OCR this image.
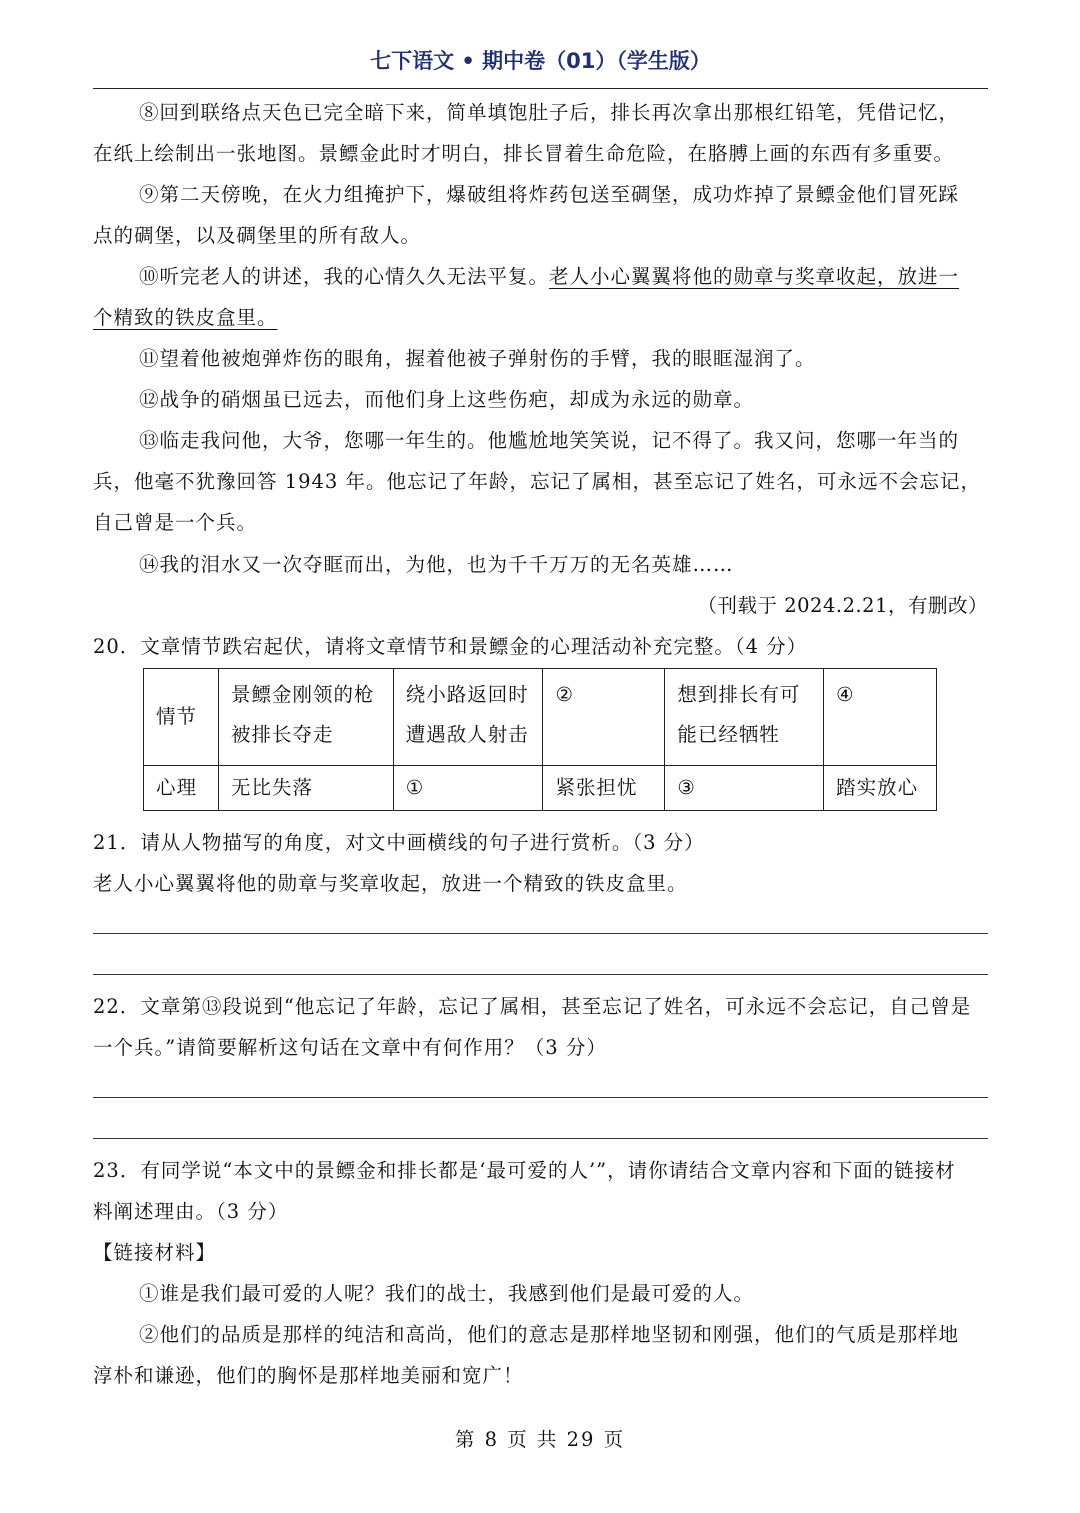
七下语文 • 期中卷（01）（学生版）

⑧回到联络点天色已完全暗下来，简单填饱肚子后，排长再次拿出那根红铅笔，凭借记忆，

在纸上绘制出一张地图。景鳔金此时才明白，排长冒着生命危险，在胳膊上画的东西有多重要。

⑨第二天傍晚，在火力组掩护下，爆破组将炸药包送至碉堡，成功炸掉了景鳔金他们冒死踩

点的碉堡，以及碉堡里的所有敌人。

⑩听完老人的讲述，我的心情久久无法平复。老人小心翼翼将他的勋章与奖章收起，放进一

个精致的铁皮盒里。

⑪望着他被炮弹炸伤的眼角，握着他被子弹射伤的手臂，我的眼眶湿润了。

⑫战争的硝烟虽已远去，而他们身上这些伤疤，却成为永远的勋章。

⑬临走我问他，大爷，您哪一年生的。他尴尬地笑笑说，记不得了。我又问，您哪一年当的

兵，他毫不犹豫回答 1943 年。他忘记了年龄，忘记了属相，甚至忘记了姓名，可永远不会忘记，

自己曾是一个兵。

⑭我的泪水又一次夺眶而出，为他，也为千千万万的无名英雄……

（刊载于 2024.2.21，有删改）

20．文章情节跌宕起伏，请将文章情节和景鳔金的心理活动补充完整。（4 分）

情节	景鳔金刚领的枪被排长夺走	绕小路返回时遭遇敌人射击	②	想到排长有可能已经牺牲	④
心理	无比失落	①	紧张担忧	③	踏实放心

21．请从人物描写的角度，对文中画横线的句子进行赏析。（3 分）

老人小心翼翼将他的勋章与奖章收起，放进一个精致的铁皮盒里。

22．文章第⑬段说到“他忘记了年龄，忘记了属相，甚至忘记了姓名，可永远不会忘记，自己曾是

一个兵。”请简要解析这句话在文章中有何作用？（3 分）

23．有同学说“本文中的景鳔金和排长都是‘最可爱的人’”，请你请结合文章内容和下面的链接材

料阐述理由。（3 分）

【链接材料】

①谁是我们最可爱的人呢？我们的战士，我感到他们是最可爱的人。

②他们的品质是那样的纯洁和高尚，他们的意志是那样地坚韧和刚强，他们的气质是那样地

淳朴和谦逊，他们的胸怀是那样地美丽和宽广！

第 8 页 共 29 页
